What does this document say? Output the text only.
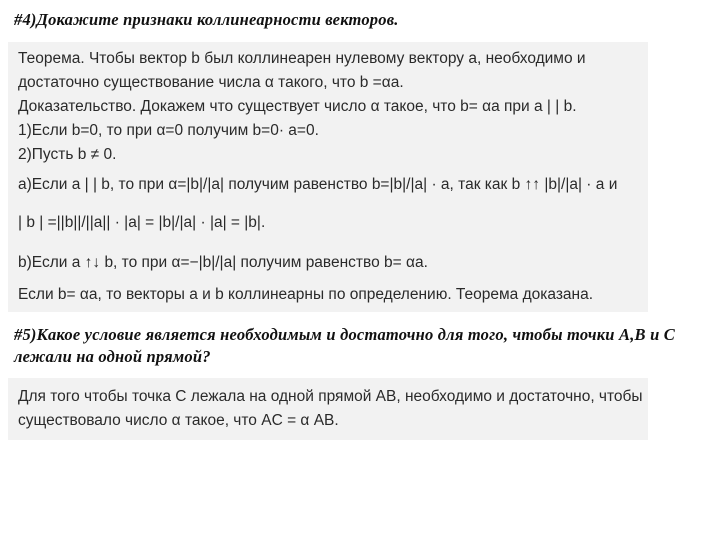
#4)Докажите признаки коллинеарности векторов.
Теорема. Чтобы вектор b был коллинеарен нулевому вектору a, необходимо и
достаточно существование числа α такого, что b =αa.
Доказательство. Докажем что существует число α такое, что b= αa при a | | b.
1)Если b=0, то при α=0 получим b=0· a=0.
2)Пусть b ≠ 0.
a)Если a | | b, то при α=|b|/|a| получим равенство b=|b|/|a| · a, так как b ↑↑ |b|/|a| · a и
| b | =||b||/||a|| · |a| = |b|/|a| · |a| = |b|.
b)Если a ↑↓ b, то при α=−|b|/|a| получим равенство b= αa.
Если b= αa, то векторы a и b коллинеарны по определению. Теорема доказана.
#5)Какое условие является необходимым и достаточно для того, чтобы точки A,B и C лежали на одной прямой?
Для того чтобы точка С лежала на одной прямой АВ, необходимо и достаточно, чтобы
существовало число α такое, что AC = α AB.
